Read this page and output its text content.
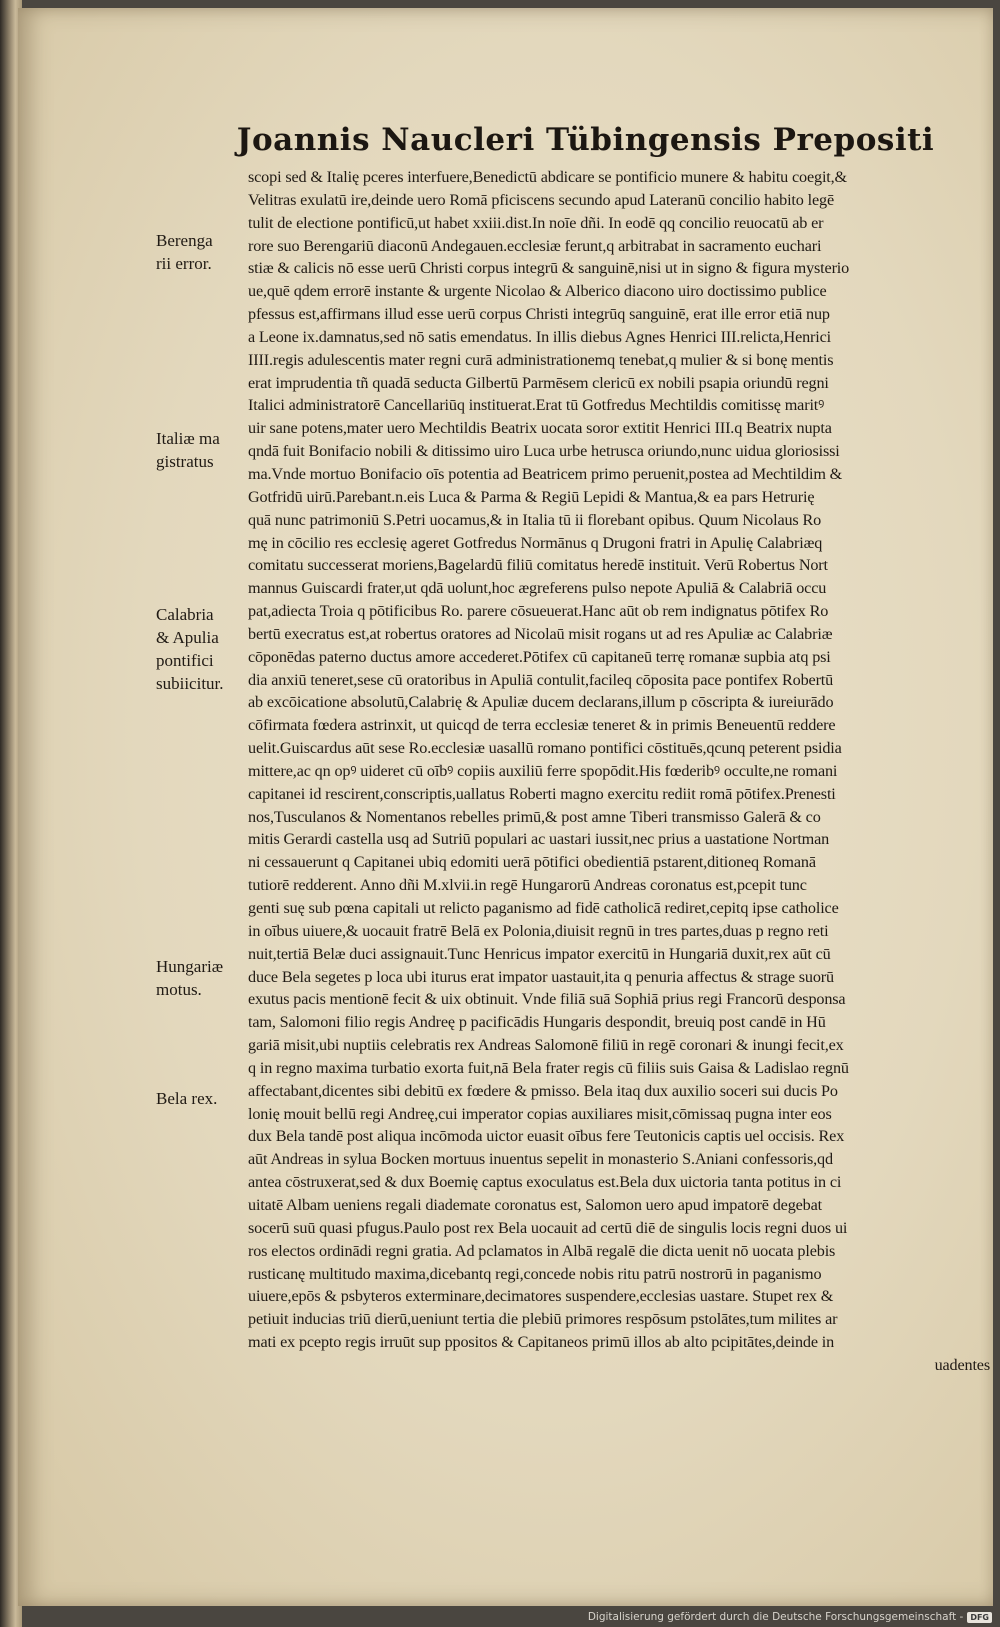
Joannis Naucleri Tübingensis Prepositi
scopi sed & Italię pceres interfuere,Benedictū abdicare se pontificio munere & habitu coegit,&
Velitras exulatū ire,deinde uero Romā pficiscens secundo apud Lateranū concilio habito legē
tulit de electione pontificū,ut habet xxiii.dist.In noīe dñi. In eodē qq concilio reuocatū ab er
rore suo Berengariū diaconū Andegauen.ecclesiæ ferunt,q arbitrabat in sacramento euchari
stiæ & calicis nō esse uerū Christi corpus integrū & sanguinē,nisi ut in signo & figura mysterio
ue,quē qdem errorē instante & urgente Nicolao & Alberico diacono uiro doctissimo publice
pfessus est,affirmans illud esse uerū corpus Christi integrūq sanguinē, erat ille error etiā nup
a Leone ix.damnatus,sed nō satis emendatus. In illis diebus Agnes Henrici III.relicta,Henrici
IIII.regis adulescentis mater regni curā administrationemq tenebat,q mulier & si bonę mentis
erat imprudentia tñ quadā seducta Gilbertū Parmēsem clericū ex nobili psapia oriundū regni
Italici administratorē Cancellariūq instituerat.Erat tū Gotfredus Mechtildis comitissę maritꝰ
uir sane potens,mater uero Mechtildis Beatrix uocata soror extitit Henrici III.q Beatrix nupta
qndā fuit Bonifacio nobili & ditissimo uiro Luca urbe hetrusca oriundo,nunc uidua gloriosissi
ma.Vnde mortuo Bonifacio oīs potentia ad Beatricem primo peruenit,postea ad Mechtildim &
Gotfridū uirū.Parebant.n.eis Luca & Parma & Regiū Lepidi & Mantua,& ea pars Hetrurię
quā nunc patrimoniū S.Petri uocamus,& in Italia tū ii florebant opibus. Quum Nicolaus Ro
mę in cōcilio res ecclesię ageret Gotfredus Normānus q Drugoni fratri in Apulię Calabriæq
comitatu successerat moriens,Bagelardū filiū comitatus heredē instituit. Verū Robertus Nort
mannus Guiscardi frater,ut qdā uolunt,hoc ægreferens pulso nepote Apuliā & Calabriā occu
pat,adiecta Troia q pōtificibus Ro. parere cōsueuerat.Hanc aūt ob rem indignatus pōtifex Ro
bertū execratus est,at robertus oratores ad Nicolaū misit rogans ut ad res Apuliæ ac Calabriæ
cōponēdas paterno ductus amore accederet.Pōtifex cū capitaneū terrę romanæ supbia atq psi
dia anxiū teneret,sese cū oratoribus in Apuliā contulit,facileq cōposita pace pontifex Robertū
ab excōicatione absolutū,Calabrię & Apuliæ ducem declarans,illum p cōscripta & iureiurādo
cōfirmata fœdera astrinxit, ut quicqd de terra ecclesiæ teneret & in primis Beneuentū reddere
uelit.Guiscardus aūt sese Ro.ecclesiæ uasallū romano pontifici cōstituēs,qcunq peterent psidia
mittere,ac qn opꝰ uideret cū oībꝰ copiis auxiliū ferre spopōdit.His fœderibꝰ occulte,ne romani
capitanei id rescirent,conscriptis,uallatus Roberti magno exercitu rediit romā pōtifex.Prenesti
nos,Tusculanos & Nomentanos rebelles primū,& post amne Tiberi transmisso Galerā & co
mitis Gerardi castella usq ad Sutriū populari ac uastari iussit,nec prius a uastatione Nortman
ni cessauerunt q Capitanei ubiq edomiti uerā pōtifici obedientiā pstarent,ditioneq Romanā
tutiorē redderent. Anno dñi M.xlvii.in regē Hungarorū Andreas coronatus est,pcepit tunc
genti suę sub pœna capitali ut relicto paganismo ad fidē catholicā rediret,cepitq ipse catholice
in oībus uiuere,& uocauit fratrē Belā ex Polonia,diuisit regnū in tres partes,duas p regno reti
nuit,tertiā Belæ duci assignauit.Tunc Henricus impator exercitū in Hungariā duxit,rex aūt cū
duce Bela segetes p loca ubi iturus erat impator uastauit,ita q penuria affectus & strage suorū
exutus pacis mentionē fecit & uix obtinuit. Vnde filiā suā Sophiā prius regi Francorū desponsa
tam, Salomoni filio regis Andreę p pacificādis Hungaris despondit, breuiq post candē in Hū
gariā misit,ubi nuptiis celebratis rex Andreas Salomonē filiū in regē coronari & inungi fecit,ex
q in regno maxima turbatio exorta fuit,nā Bela frater regis cū filiis suis Gaisa & Ladislao regnū
affectabant,dicentes sibi debitū ex fœdere & pmisso. Bela itaq dux auxilio soceri sui ducis Po
lonię mouit bellū regi Andreę,cui imperator copias auxiliares misit,cōmissaq pugna inter eos
dux Bela tandē post aliqua incōmoda uictor euasit oībus fere Teutonicis captis uel occisis. Rex
aūt Andreas in sylua Bocken mortuus inuentus sepelit in monasterio S.Aniani confessoris,qd
antea cōstruxerat,sed & dux Boemię captus exoculatus est.Bela dux uictoria tanta potitus in ci
uitatē Albam ueniens regali diademate coronatus est, Salomon uero apud impatorē degebat
socerū suū quasi pfugus.Paulo post rex Bela uocauit ad certū diē de singulis locis regni duos ui
ros electos ordinādi regni gratia. Ad pclamatos in Albā regalē die dicta uenit nō uocata plebis
rusticanę multitudo maxima,dicebantq regi,concede nobis ritu patrū nostrorū in paganismo
uiuere,epōs & psbyteros exterminare,decimatores suspendere,ecclesias uastare. Stupet rex &
petiuit inducias triū dierū,ueniunt tertia die plebiū primores respōsum pstolātes,tum milites ar
mati ex pcepto regis irruūt sup ppositos & Capitaneos primū illos ab alto pcipitātes,deinde in
uadentes
Berenga
rii error.
Italiæ ma
gistratus
Calabria
& Apulia
pontifici
subiicitur.
Hungariæ
motus.
Bela rex.
Digitalisierung gefördert durch die Deutsche Forschungsgemeinschaft - DFG
